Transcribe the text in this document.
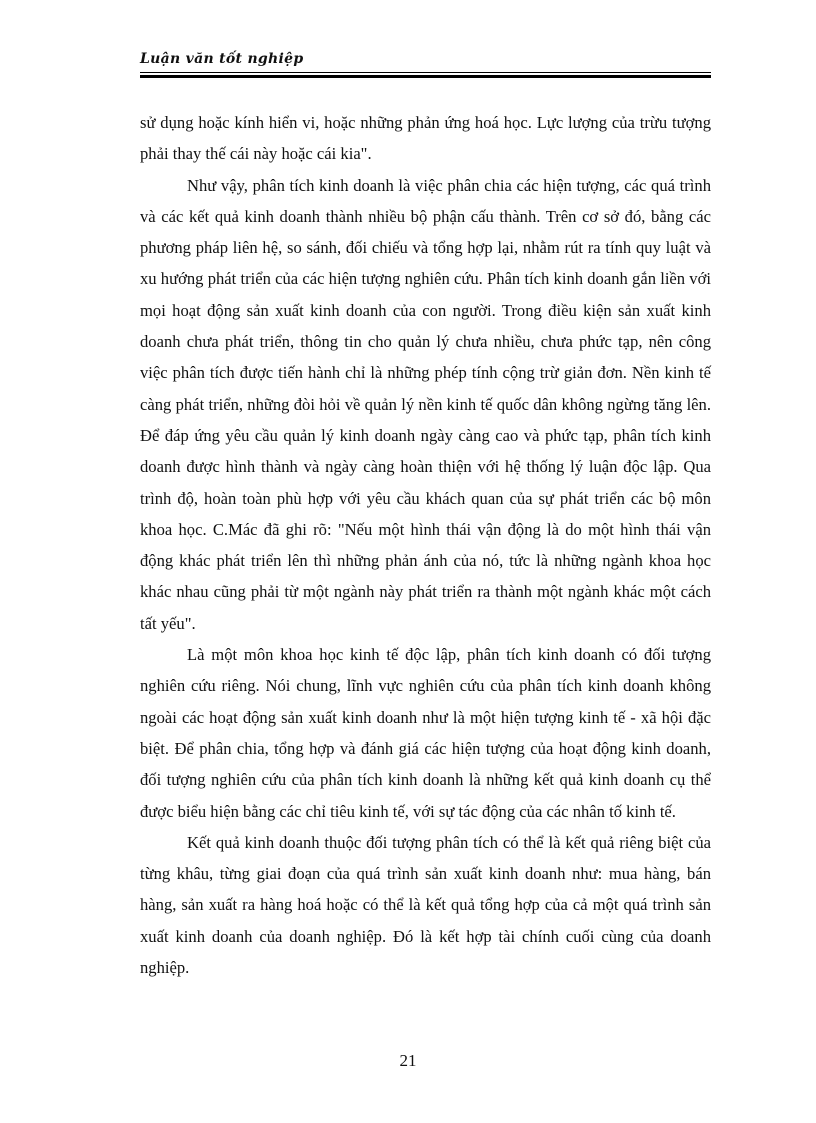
Luận văn tốt nghiệp

sử dụng hoặc kính hiển vi, hoặc những phản ứng hoá học. Lực lượng của trừu tượng phải thay thế cái này hoặc cái kia".

Như vậy, phân tích kinh doanh là việc phân chia các hiện tượng, các quá trình và các kết quả kinh doanh thành nhiều bộ phận cấu thành. Trên cơ sở đó, bằng các phương pháp liên hệ, so sánh, đối chiếu và tổng hợp lại, nhằm rút ra tính quy luật và xu hướng phát triển của các hiện tượng nghiên cứu. Phân tích kinh doanh gắn liền với mọi hoạt động sản xuất kinh doanh của con người. Trong điều kiện sản xuất kinh doanh chưa phát triển, thông tin cho quản lý chưa nhiều, chưa phức tạp, nên công việc phân tích được tiến hành chỉ là những phép tính cộng trừ giản đơn. Nền kinh tế càng phát triển, những đòi hỏi về quản lý nền kinh tế quốc dân không ngừng tăng lên. Để đáp ứng yêu cầu quản lý kinh doanh ngày càng cao và phức tạp, phân tích kinh doanh được hình thành và ngày càng hoàn thiện với hệ thống lý luận độc lập. Qua trình độ, hoàn toàn phù hợp với yêu cầu khách quan của sự phát triển các bộ môn khoa học. C.Mác đã ghi rõ: "Nếu một hình thái vận động là do một hình thái vận động khác phát triển lên thì những phản ánh của nó, tức là những ngành khoa học khác nhau cũng phải từ một ngành này phát triển ra thành một ngành khác một cách tất yếu".

Là một môn khoa học kinh tế độc lập, phân tích kinh doanh có đối tượng nghiên cứu riêng. Nói chung, lĩnh vực nghiên cứu của phân tích kinh doanh không ngoài các hoạt động sản xuất kinh doanh như là một hiện tượng kinh tế - xã hội đặc biệt. Để phân chia, tổng hợp và đánh giá các hiện tượng của hoạt động kinh doanh, đối tượng nghiên cứu của phân tích kinh doanh là những kết quả kinh doanh cụ thể được biểu hiện bằng các chỉ tiêu kinh tế, với sự tác động của các nhân tố kinh tế.

Kết quả kinh doanh thuộc đối tượng phân tích có thể là kết quả riêng biệt của từng khâu, từng giai đoạn của quá trình sản xuất kinh doanh như: mua hàng, bán hàng, sản xuất ra hàng hoá hoặc có thể là kết quả tổng hợp của cả một quá trình sản xuất kinh doanh của doanh nghiệp. Đó là kết hợp tài chính cuối cùng của doanh nghiệp.

21
